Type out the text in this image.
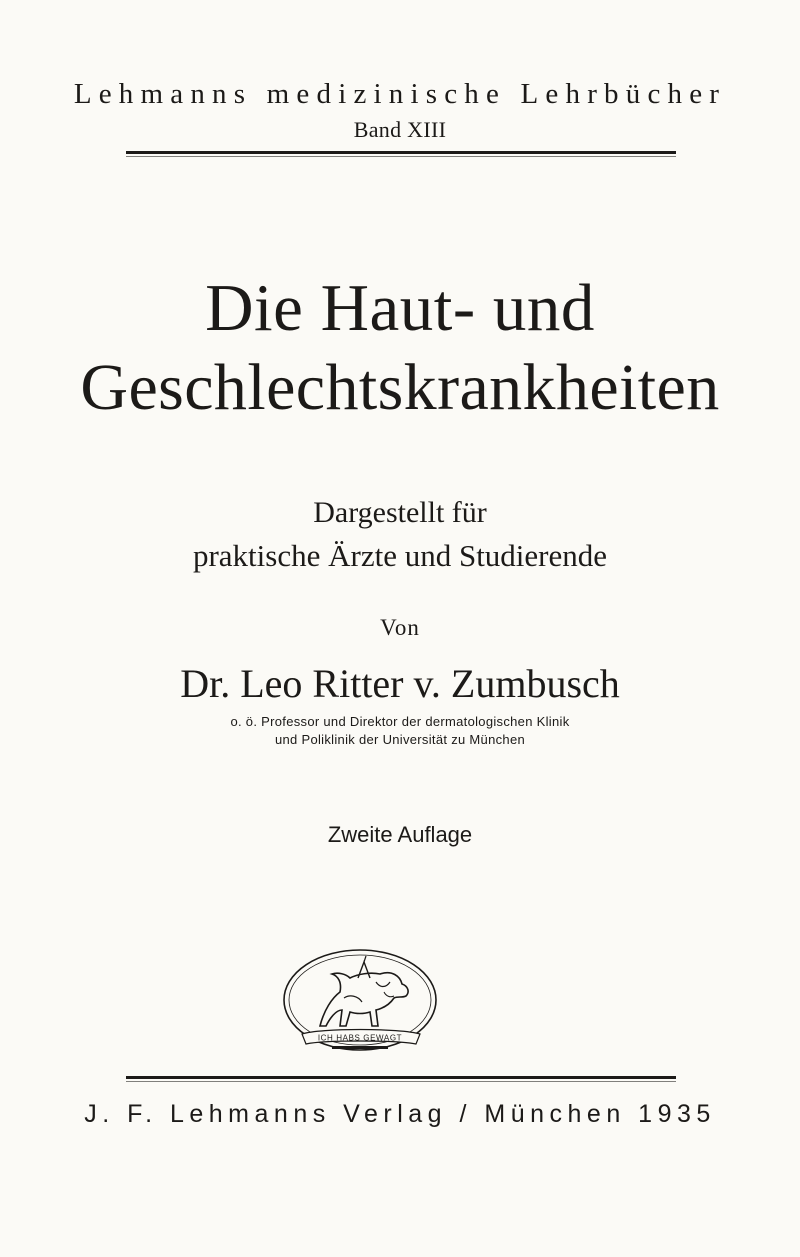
Lehmanns medizinische Lehrbücher
Band XIII
Die Haut- und
Geschlechtskrankheiten
Dargestellt für
praktische Ärzte und Studierende
Von
Dr. Leo Ritter v. Zumbusch
o. ö. Professor und Direktor der dermatologischen Klinik
und Poliklinik der Universität zu München
Zweite Auflage
ICH HABS GEWAGT
J. F. Lehmanns Verlag / München 1935
